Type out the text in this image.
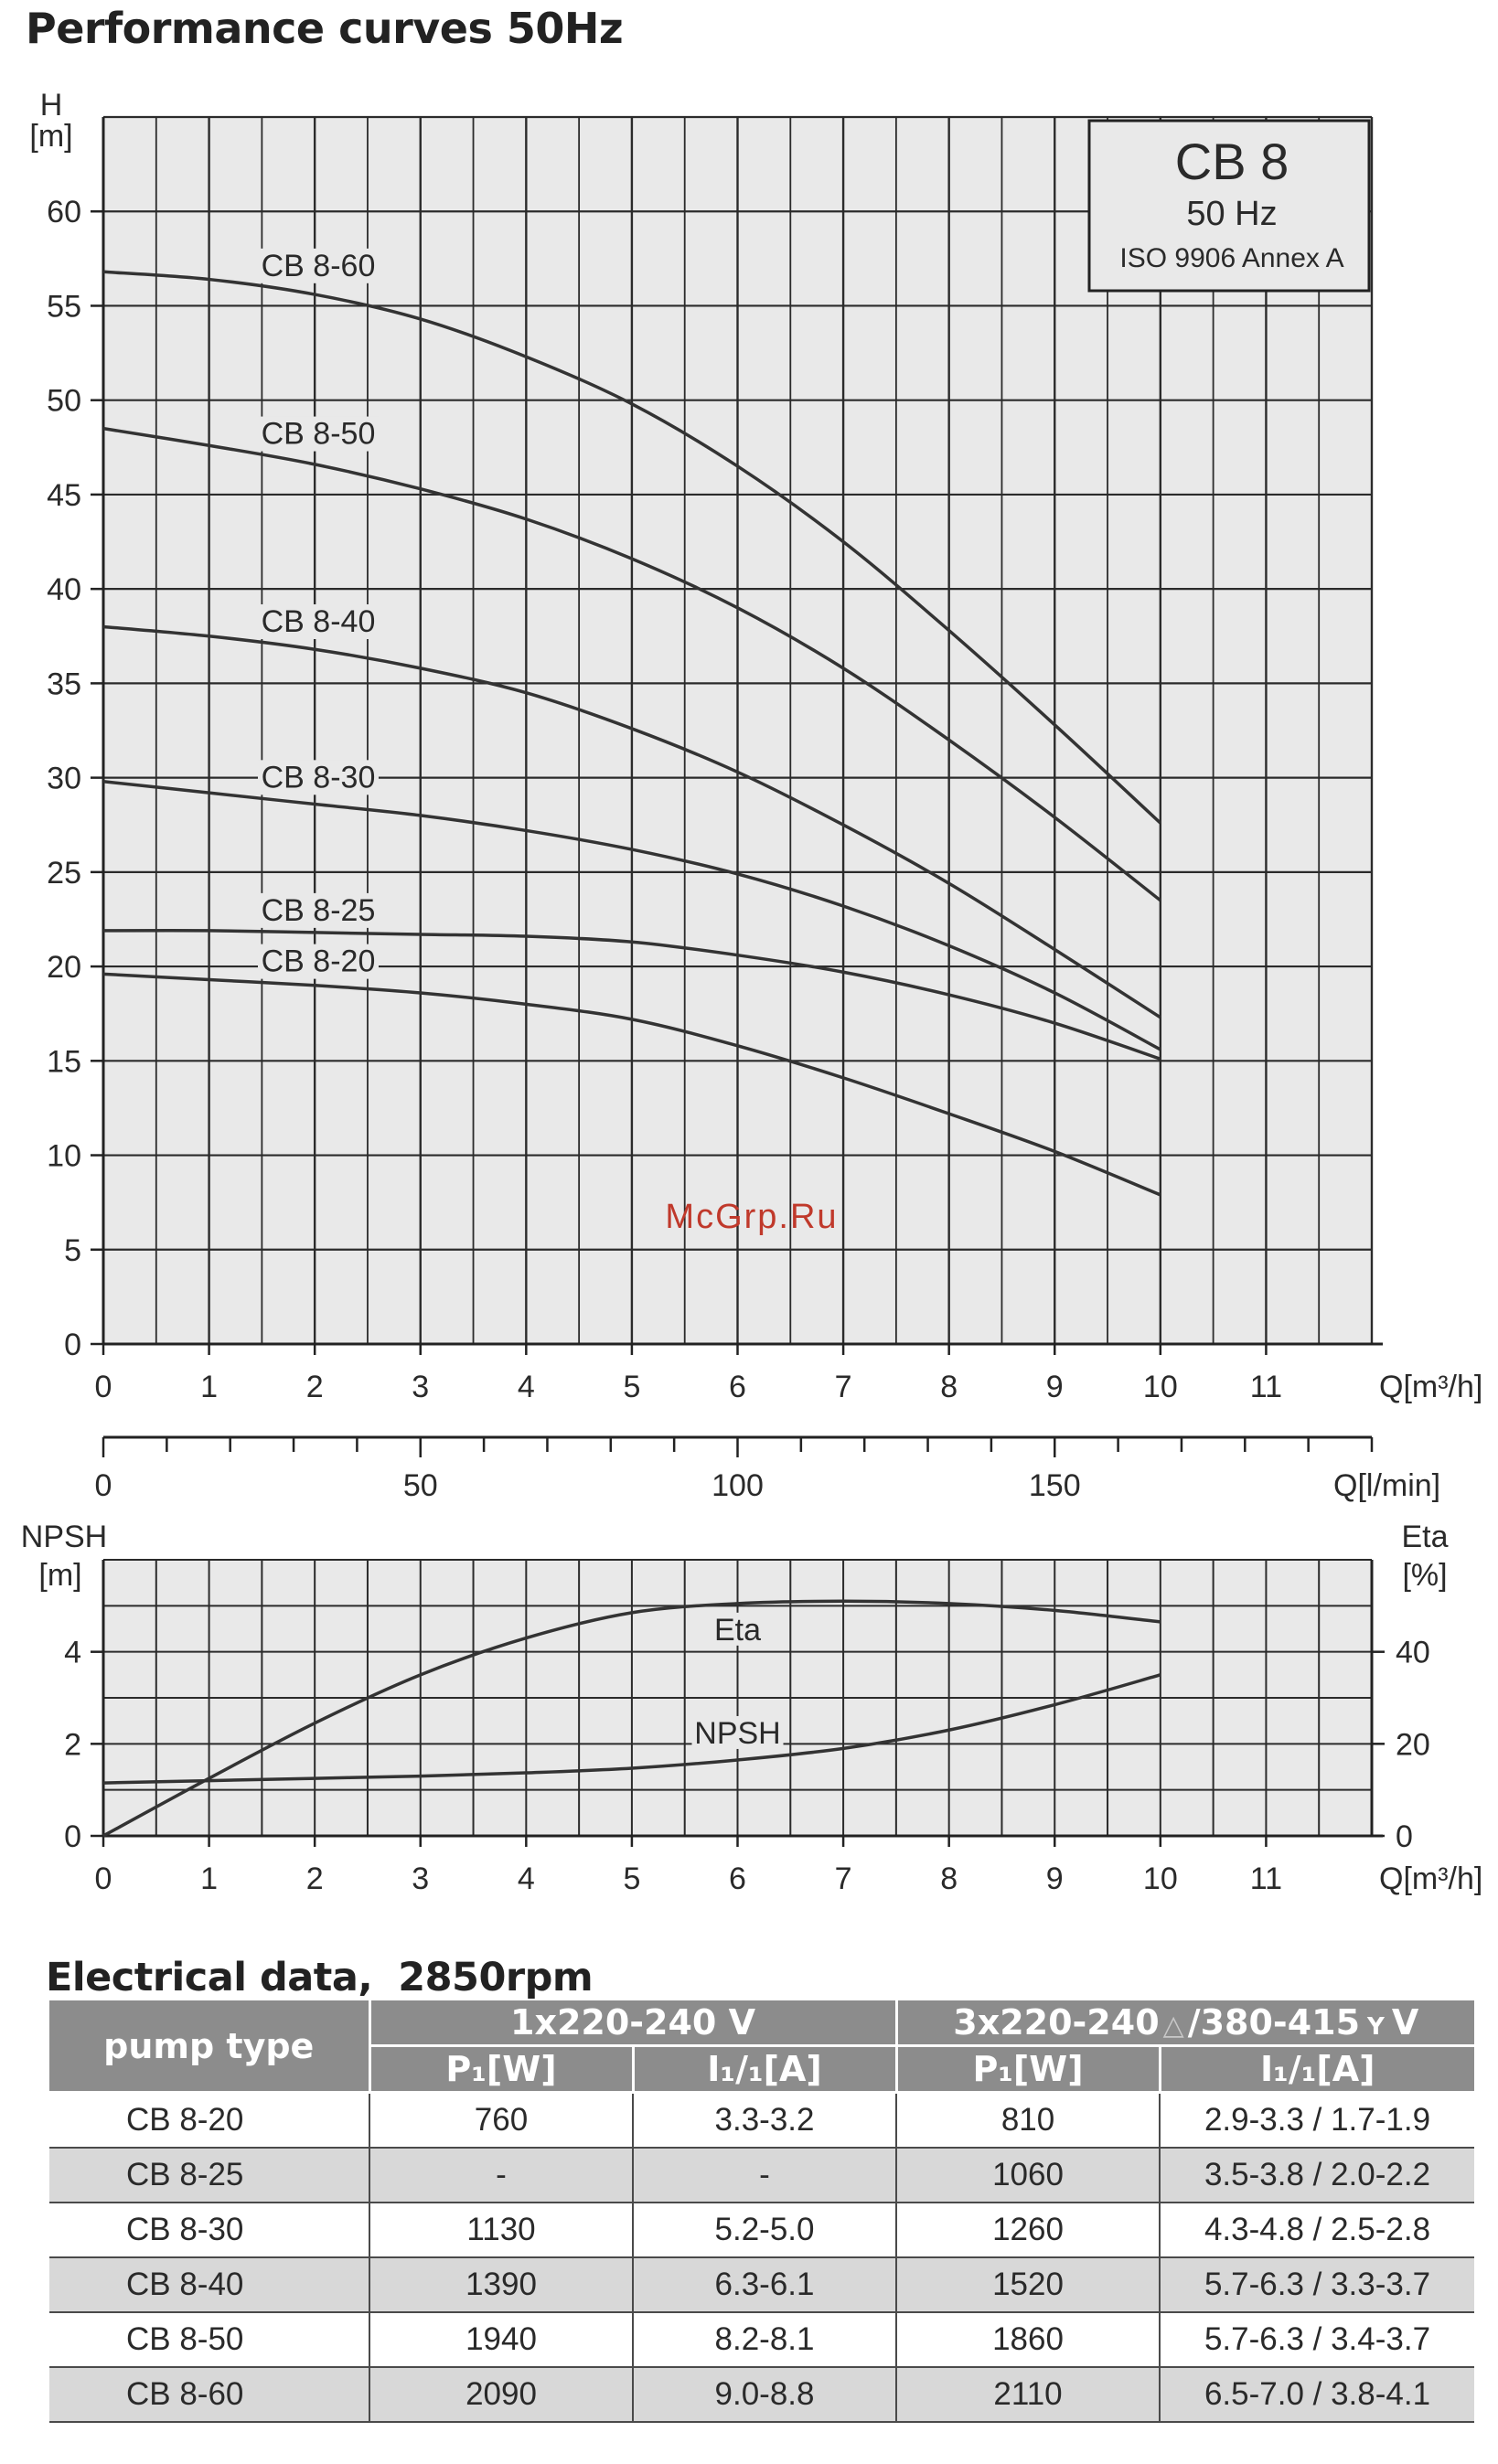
Performance curves 50Hz
0
5
10
15
20
25
30
35
40
45
50
55
60
0	1	2	3	4	5	6	7	8	9	10 11	Q[m³/h]
H
[m]	CB 8
50 Hz
ISO 9906 Annex A
CB 8-60
CB 8-50
CB 8-40
CB 8-30
CB 8-25
CB 8-20
0	50	100	150	Q[l/min]
0
2
4
0
20
40
0	1	2	3	4	5	6	7	8	9	10 11	Q[m³/h]
NPSH
[m]
Eta
[%]
Eta
NPSH
McGrp.Ru
Electrical data, 2850rpm
pump type	1x220-240 V		3x220-240 △ /380-415 Y V	
	P₁[W]	I₁/₁[A]	P₁[W]	I₁/₁[A]
CB 8-20	760	3.3-3.2	810	2.9-3.3 / 1.7-1.9
CB 8-25	-	-	1060	3.5-3.8 / 2.0-2.2
CB 8-30	1130	5.2-5.0	1260	4.3-4.8 / 2.5-2.8
CB 8-40	1390	6.3-6.1	1520	5.7-6.3 / 3.3-3.7
CB 8-50	1940	8.2-8.1	1860	5.7-6.3 / 3.4-3.7
CB 8-60	2090	9.0-8.8	2110	6.5-7.0 / 3.8-4.1
